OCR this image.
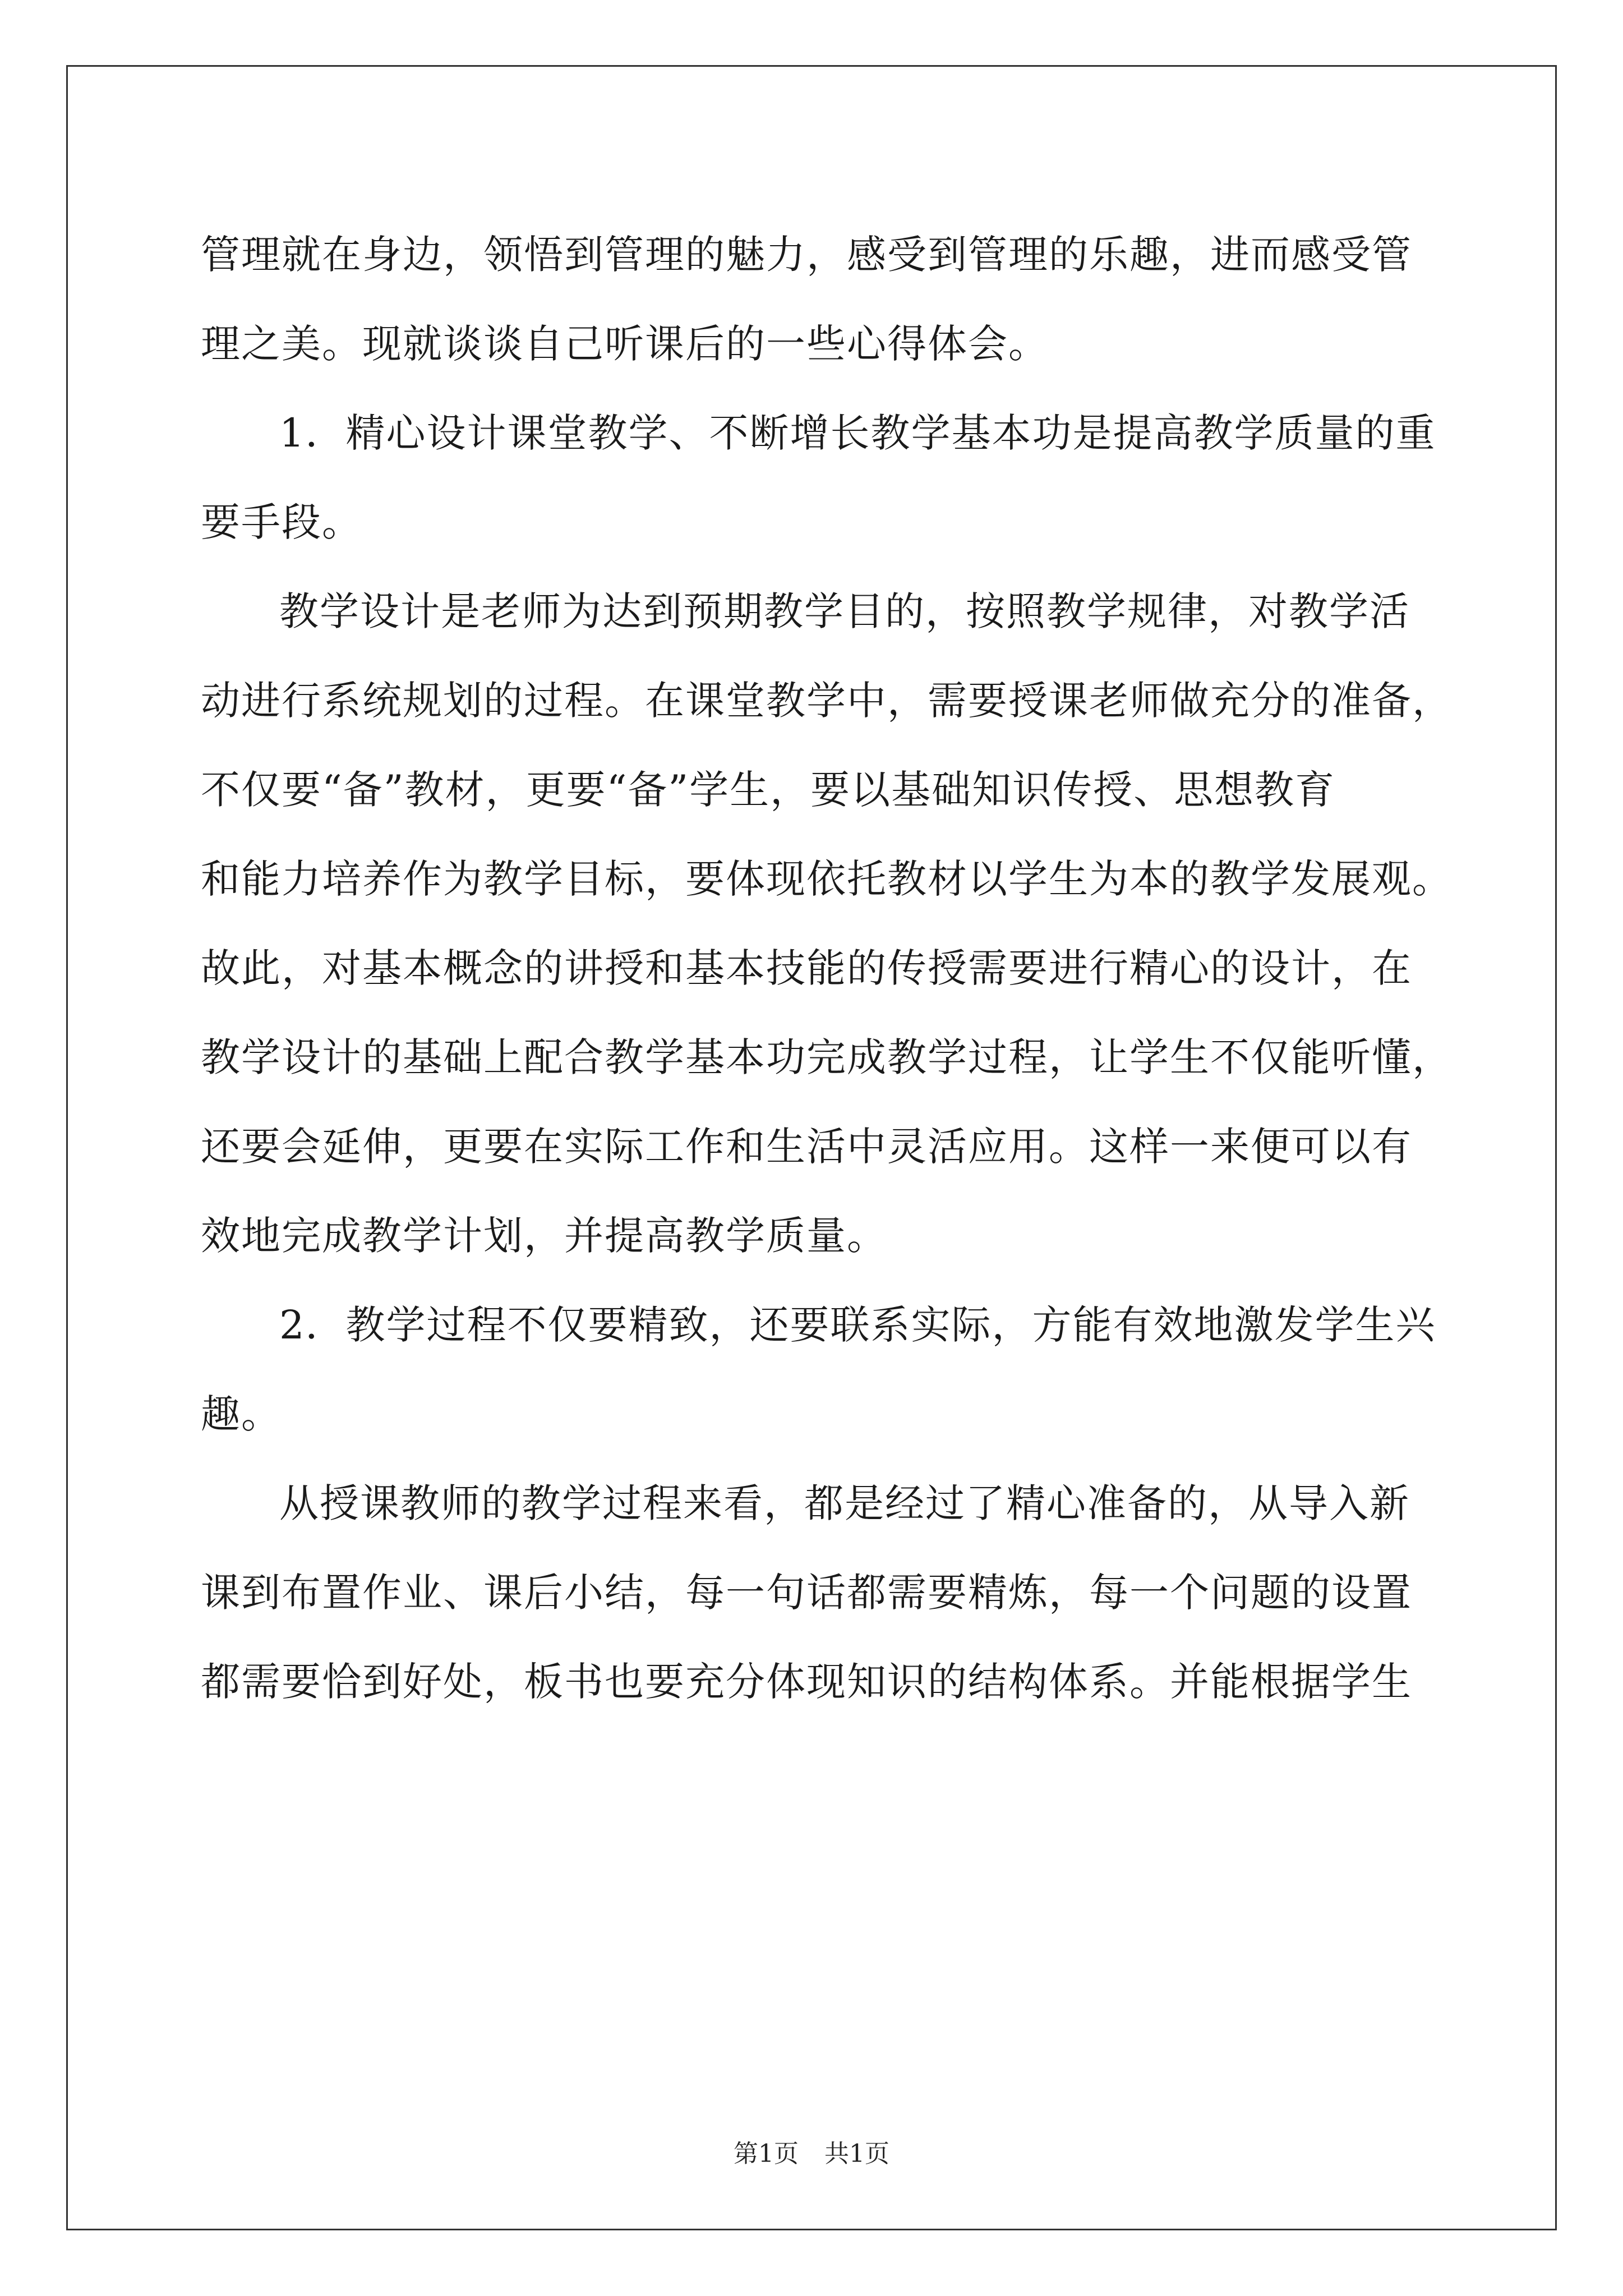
管理就在身边，领悟到管理的魅力，感受到管理的乐趣，进而感受管
理之美。现就谈谈自己听课后的一些心得体会。
1．精心设计课堂教学、不断增长教学基本功是提高教学质量的重
要手段。
教学设计是老师为达到预期教学目的，按照教学规律，对教学活
动进行系统规划的过程。在课堂教学中，需要授课老师做充分的准备，
不仅要“备”教材，更要“备”学生，要以基础知识传授、思想教育
和能力培养作为教学目标，要体现依托教材以学生为本的教学发展观。
故此，对基本概念的讲授和基本技能的传授需要进行精心的设计，在
教学设计的基础上配合教学基本功完成教学过程，让学生不仅能听懂，
还要会延伸，更要在实际工作和生活中灵活应用。这样一来便可以有
效地完成教学计划，并提高教学质量。
2．教学过程不仅要精致，还要联系实际，方能有效地激发学生兴
趣。
从授课教师的教学过程来看，都是经过了精心准备的，从导入新
课到布置作业、课后小结，每一句话都需要精炼，每一个问题的设置
都需要恰到好处，板书也要充分体现知识的结构体系。并能根据学生
第1页 共1页
